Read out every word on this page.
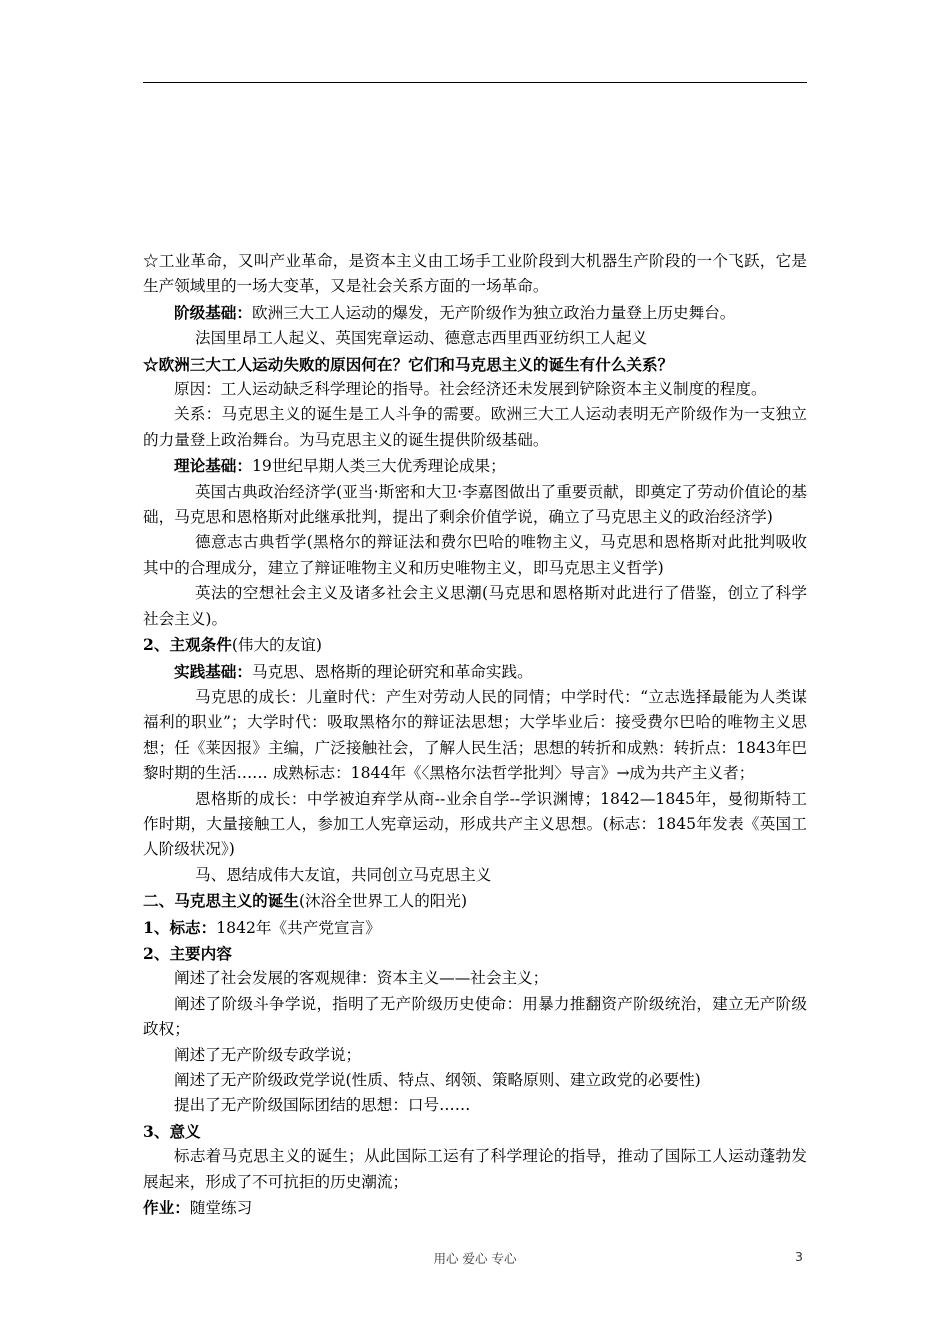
☆工业革命，又叫产业革命，是资本主义由工场手工业阶段到大机器生产阶段的一个飞跃，它是生产领域里的一场大变革，又是社会关系方面的一场革命。

阶级基础：欧洲三大工人运动的爆发，无产阶级作为独立政治力量登上历史舞台。

法国里昂工人起义、英国宪章运动、德意志西里西亚纺织工人起义

☆欧洲三大工人运动失败的原因何在？它们和马克思主义的诞生有什么关系？

原因：工人运动缺乏科学理论的指导。社会经济还未发展到铲除资本主义制度的程度。

关系：马克思主义的诞生是工人斗争的需要。欧洲三大工人运动表明无产阶级作为一支独立的力量登上政治舞台。为马克思主义的诞生提供阶级基础。

理论基础：19世纪早期人类三大优秀理论成果；

英国古典政治经济学(亚当·斯密和大卫·李嘉图做出了重要贡献，即奠定了劳动价值论的基础，马克思和恩格斯对此继承批判，提出了剩余价值学说，确立了马克思主义的政治经济学)

德意志古典哲学(黑格尔的辩证法和费尔巴哈的唯物主义，马克思和恩格斯对此批判吸收其中的合理成分，建立了辩证唯物主义和历史唯物主义，即马克思主义哲学)

英法的空想社会主义及诸多社会主义思潮(马克思和恩格斯对此进行了借鉴，创立了科学社会主义)。

2、主观条件(伟大的友谊)

实践基础：马克思、恩格斯的理论研究和革命实践。

马克思的成长：儿童时代：产生对劳动人民的同情；中学时代：“立志选择最能为人类谋福利的职业”；大学时代：吸取黑格尔的辩证法思想；大学毕业后：接受费尔巴哈的唯物主义思想；任《莱因报》主编，广泛接触社会，了解人民生活；思想的转折和成熟：转折点：1843年巴黎时期的生活…… 成熟标志：1844年《〈黑格尔法哲学批判〉导言》→成为共产主义者；

恩格斯的成长：中学被迫弃学从商--业余自学--学识渊博；1842—1845年，曼彻斯特工作时期，大量接触工人，参加工人宪章运动，形成共产主义思想。(标志：1845年发表《英国工人阶级状况》)

马、恩结成伟大友谊，共同创立马克思主义

二、马克思主义的诞生(沐浴全世界工人的阳光)

1、标志：1842年《共产党宣言》

2、主要内容

阐述了社会发展的客观规律：资本主义——社会主义；

阐述了阶级斗争学说，指明了无产阶级历史使命：用暴力推翻资产阶级统治，建立无产阶级政权；

阐述了无产阶级专政学说；

阐述了无产阶级政党学说(性质、特点、纲领、策略原则、建立政党的必要性)

提出了无产阶级国际团结的思想：口号……

3、意义

标志着马克思主义的诞生；从此国际工运有了科学理论的指导，推动了国际工人运动蓬勃发展起来，形成了不可抗拒的历史潮流；

作业：随堂练习

用心 爱心 专心	3
